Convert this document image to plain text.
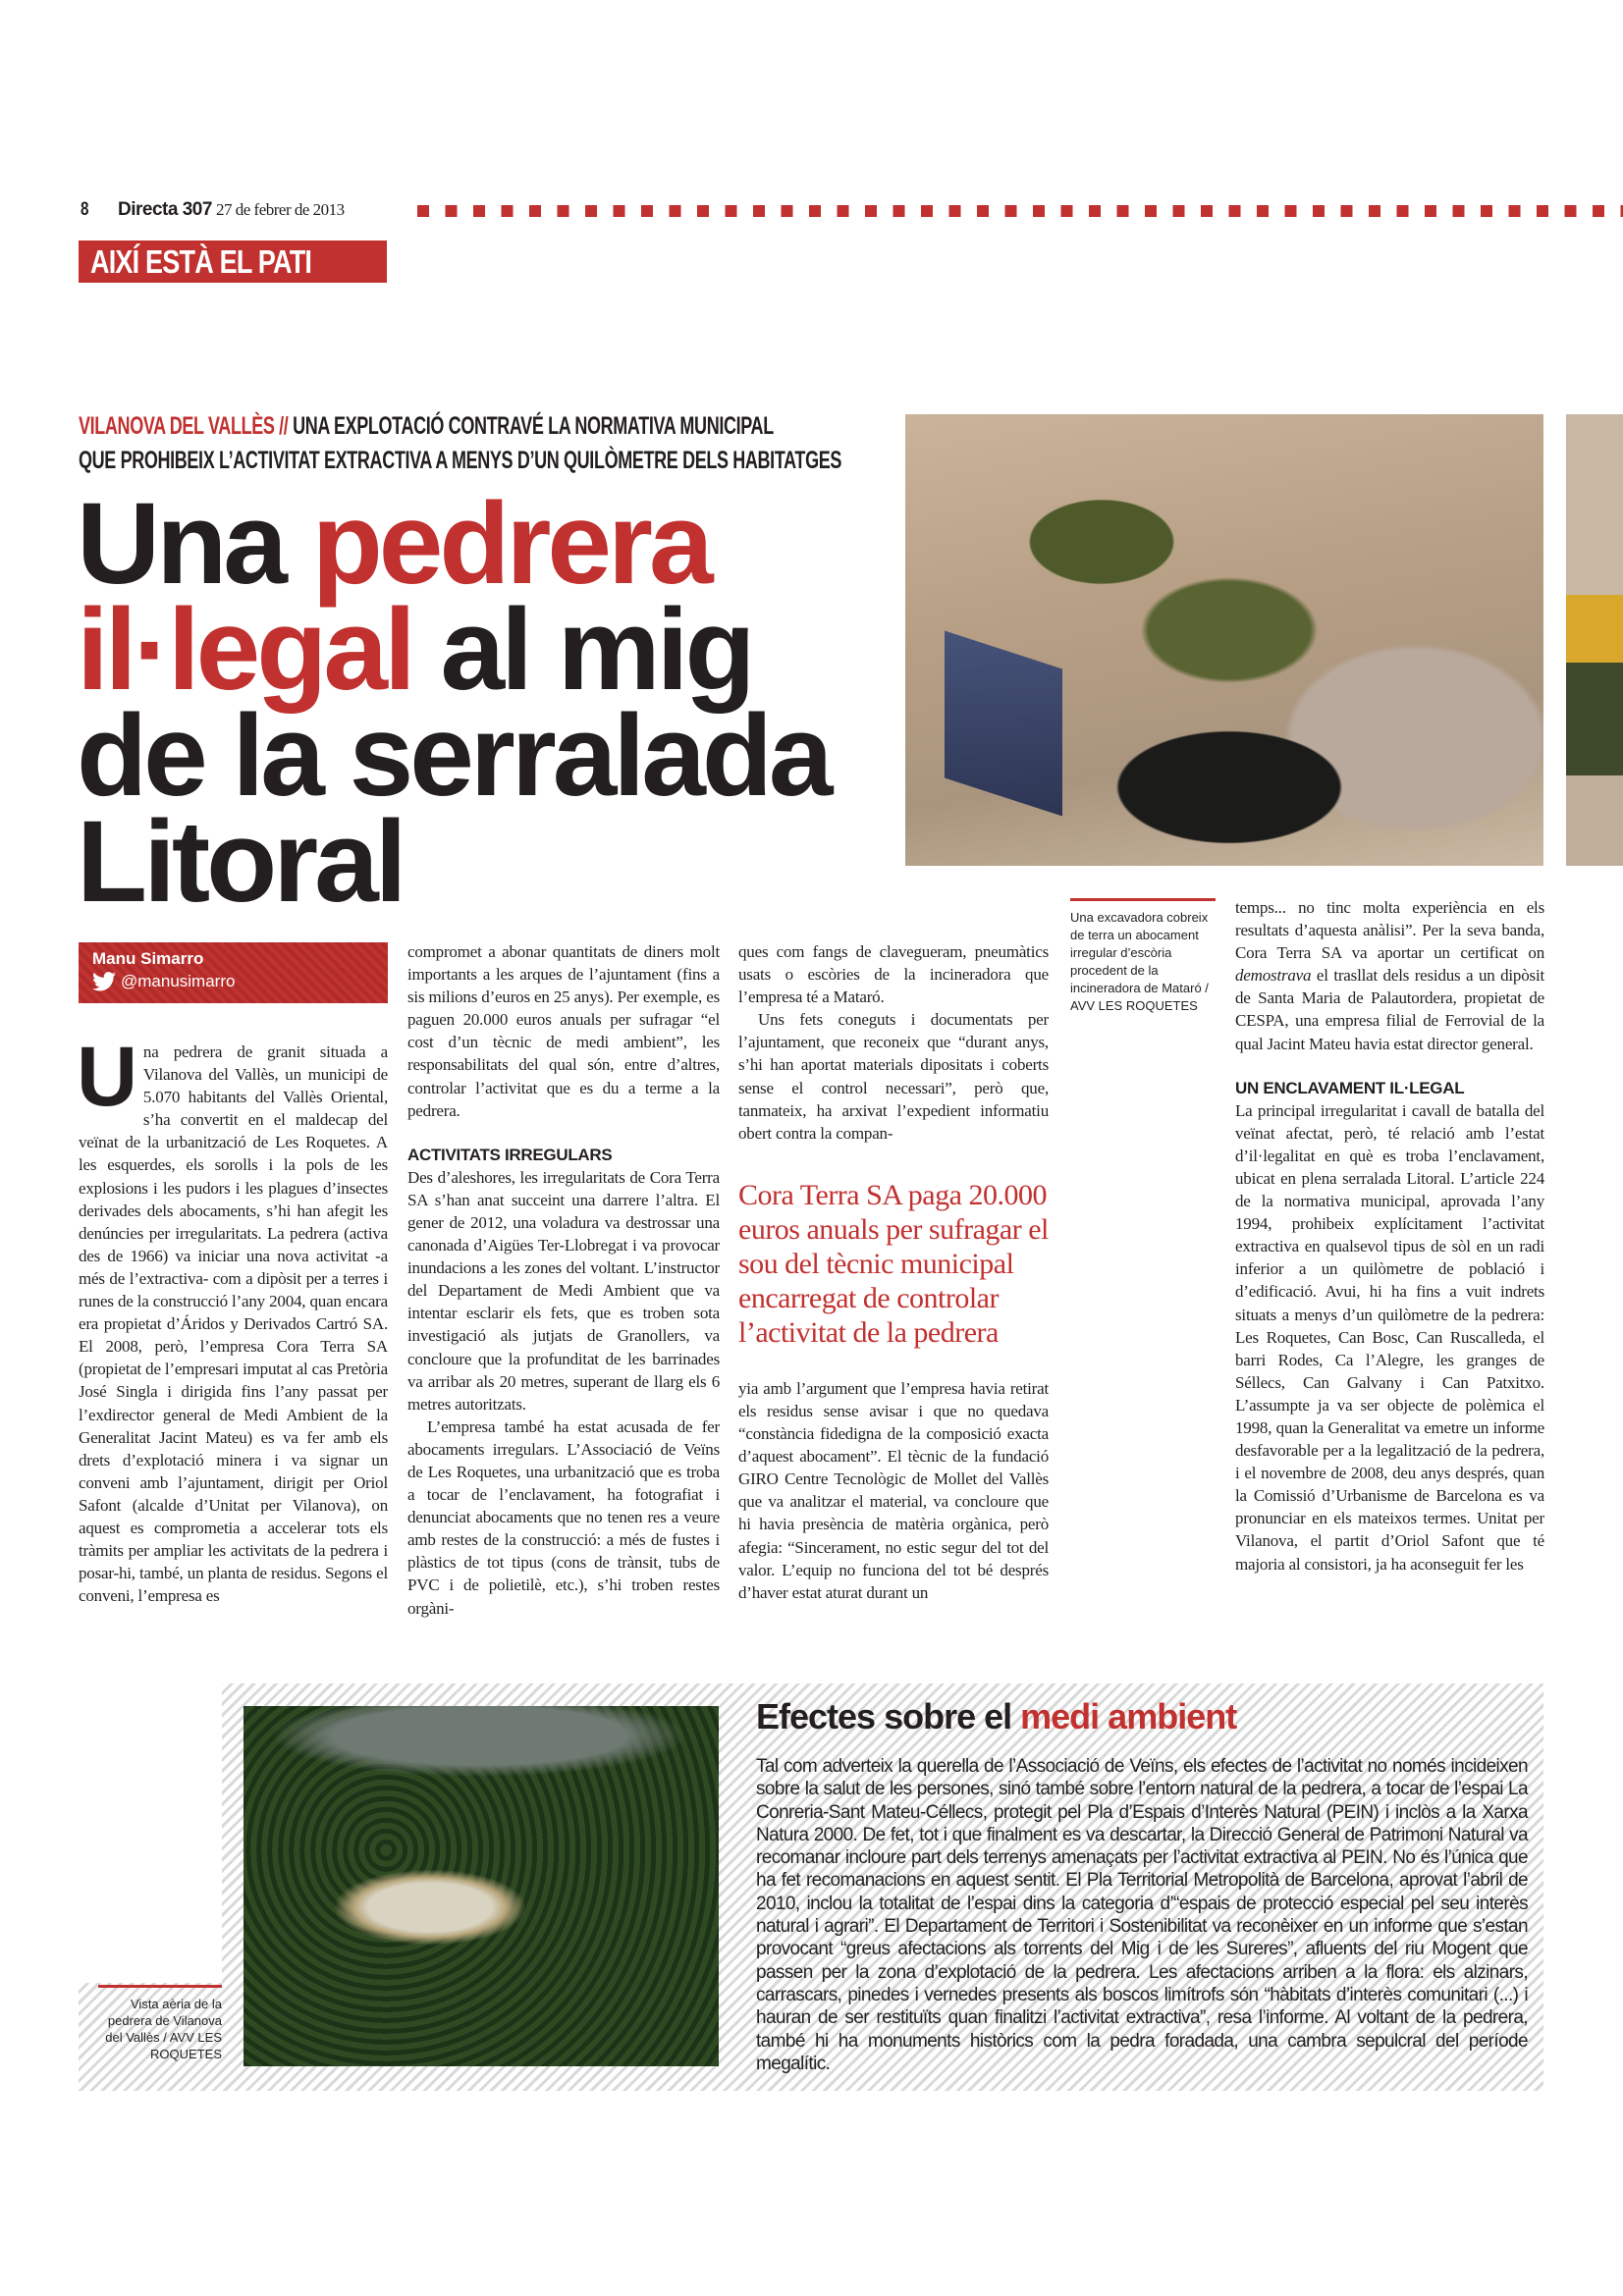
8 Directa 307 27 de febrer de 2013
AIXÍ ESTÀ EL PATI
VILANOVA DEL VALLÈS // UNA EXPLOTACIÓ CONTRAVÉ LA NORMATIVA MUNICIPAL
QUE PROHIBEIX L’ACTIVITAT EXTRACTIVA A MENYS D’UN QUILÒMETRE DELS HABITATGES
Una pedrera
il·legal al mig
de la serralada
Litoral	Una excavadora cobreix de terra un abocament irregular d’escòria procedent de la incineradora de Mataró / AVV LES ROQUETES
Manu Simarro
@manusimarro
U na pedrera de granit situada a Vilanova del Vallès, un municipi de 5.070 habitants del Vallès Oriental, s’ha convertit en el maldecap del veïnat de la urbanització de Les Roquetes. A les esquerdes, els sorolls i la pols de les explosions i les pudors i les plagues d’insectes derivades dels abocaments, s’hi han afegit les denúncies per irregularitats. La pedrera (activa des de 1966) va iniciar una nova activitat -a més de l’extractiva- com a dipòsit per a terres i runes de la construcció l’any 2004, quan encara era propietat d’Áridos y Derivados Cartró SA. El 2008, però, l’empresa Cora Terra SA (propietat de l’empresari imputat al cas Pretòria José Singla i dirigida fins l’any passat per l’exdirector general de Medi Ambient de la Generalitat Jacint Mateu) es va fer amb els drets d’explotació minera i va signar un conveni amb l’ajuntament, dirigit per Oriol Safont (alcalde d’Unitat per Vilanova), on aquest es comprometia a accelerar tots els tràmits per ampliar les activitats de la pedrera i posar-hi, també, un planta de residus. Segons el conveni, l’empresa es

compromet a abonar quantitats de diners molt importants a les arques de l’ajuntament (fins a sis milions d’euros en 25 anys). Per exemple, es paguen 20.000 euros anuals per sufragar “el cost d’un tècnic de medi ambient”, les responsabilitats del qual són, entre d’altres, controlar l’activitat que es du a terme a la pedrera.

ACTIVITATS IRREGULARS

Des d’aleshores, les irregularitats de Cora Terra SA s’han anat succeint una darrere l’altra. El gener de 2012, una voladura va destrossar una canonada d’Aigües Ter-Llobregat i va provocar inundacions a les zones del voltant. L’instructor del Departament de Medi Ambient que va intentar esclarir els fets, que es troben sota investigació als jutjats de Granollers, va concloure que la profunditat de les barrinades va arribar als 20 metres, superant de llarg els 6 metres autoritzats.

L’empresa també ha estat acusada de fer abocaments irregulars. L’Associació de Veïns de Les Roquetes, una urbanització que es troba a tocar de l’enclavament, ha fotografiat i denunciat abocaments que no tenen res a veure amb restes de la construcció: a més de fustes i plàstics de tot tipus (cons de trànsit, tubs de PVC i de polietilè, etc.), s’hi troben restes orgàni-

ques com fangs de clavegueram, pneumàtics usats o escòries de la incineradora que l’empresa té a Mataró.

Uns fets coneguts i documentats per l’ajuntament, que reconeix que “durant anys, s’hi han aportat materials dipositats i coberts sense el control necessari”, però que, tanmateix, ha arxivat l’expedient informatiu obert contra la compan-

Cora Terra SA paga 20.000 euros anuals per sufragar el sou del tècnic municipal encarregat de controlar l’activitat de la pedrera

yia amb l’argument que l’empresa havia retirat els residus sense avisar i que no quedava “constància fidedigna de la composició exacta d’aquest abocament”. El tècnic de la fundació GIRO Centre Tecnològic de Mollet del Vallès que va analitzar el material, va concloure que hi havia presència de matèria orgànica, però afegia: “Sincerament, no estic segur del tot del valor. L’equip no funciona del tot bé després d’haver estat aturat durant un

temps... no tinc molta experiència en els resultats d’aquesta anàlisi”. Per la seva banda, Cora Terra SA va aportar un certificat on demostrava el trasllat dels residus a un dipòsit de Santa Maria de Palautordera, propietat de CESPA, una empresa filial de Ferrovial de la qual Jacint Mateu havia estat director general.

UN ENCLAVAMENT IL·LEGAL

La principal irregularitat i cavall de batalla del veïnat afectat, però, té relació amb l’estat d’il·legalitat en què es troba l’enclavament, ubicat en plena serralada Litoral. L’article 224 de la normativa municipal, aprovada l’any 1994, prohibeix explícitament l’activitat extractiva en qualsevol tipus de sòl en un radi inferior a un quilòmetre de població i d’edificació. Avui, hi ha fins a vuit indrets situats a menys d’un quilòmetre de la pedrera: Les Roquetes, Can Bosc, Can Ruscalleda, el barri Rodes, Ca l’Alegre, les granges de Séllecs, Can Galvany i Can Patxitxo. L’assumpte ja va ser objecte de polèmica el 1998, quan la Generalitat va emetre un informe desfavorable per a la legalització de la pedrera, i el novembre de 2008, deu anys després, quan la Comissió d’Urbanisme de Barcelona es va pronunciar en els mateixos termes. Unitat per Vilanova, el partit d’Oriol Safont que té majoria al consistori, ja ha aconseguit fer les

Vista aèria de la pedrera de Vilanova del Vallès / AVV LES ROQUETES
Efectes sobre el medi ambient

Tal com adverteix la querella de l’Associació de Veïns, els efectes de l’activitat no només incideixen sobre la salut de les persones, sinó també sobre l’entorn natural de la pedrera, a tocar de l’espai La Conreria-Sant Mateu-Céllecs, protegit pel Pla d’Espais d’Interès Natural (PEIN) i inclòs a la Xarxa Natura 2000. De fet, tot i que finalment es va descartar, la Direcció General de Patrimoni Natural va recomanar incloure part dels terrenys amenaçats per l’activitat extractiva al PEIN. No és l’única que ha fet recomanacions en aquest sentit. El Pla Territorial Metropolità de Barcelona, aprovat l’abril de 2010, inclou la totalitat de l’espai dins la categoria d’“espais de protecció especial pel seu interès natural i agrari”. El Departament de Territori i Sostenibilitat va reconèixer en un informe que s’estan provocant “greus afectacions als torrents del Mig i de les Sureres”, afluents del riu Mogent que passen per la zona d’explotació de la pedrera. Les afectacions arriben a la flora: els alzinars, carrascars, pinedes i vernedes presents als boscos limítrofs són “hàbitats d’interès comunitari (...) i hauran de ser restituïts quan finalitzi l’activitat extractiva”, resa l’informe. Al voltant de la pedrera, també hi ha monuments històrics com la pedra foradada, una cambra sepulcral del període megalític.
